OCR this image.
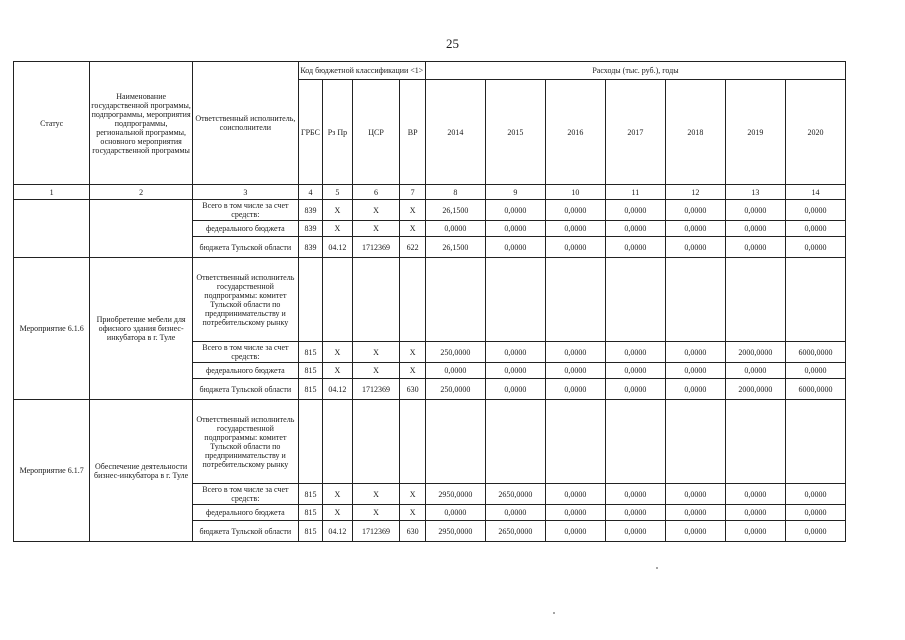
25
Статус	Наименование государственной программы, подпрограммы, мероприятия подпрограммы, региональной программы, основного мероприятия государственной программы	Ответственный исполнитель, соисполнители	Код бюджетной классификации <1>				Расходы (тыс. руб.), годы						
			ГРБС	Рз Пр	ЦСР	ВР	2014	2015	2016	2017	2018	2019	2020
1	2	3	4	5	6	7	8	9	10	11	12	13	14
		Всего в том числе за счет средств:	839	X	X	X	26,1500	0,0000	0,0000	0,0000	0,0000	0,0000	0,0000
		федерального бюджета	839	X	X	X	0,0000	0,0000	0,0000	0,0000	0,0000	0,0000	0,0000
		бюджета Тульской области	839	04.12	1712369	622	26,1500	0,0000	0,0000	0,0000	0,0000	0,0000	0,0000
Мероприятие 6.1.6	Приобретение мебели для офисного здания бизнес-инкубатора в г. Туле	Ответственный исполнитель государственной подпрограммы: комитет Тульской области по предпринимательству и потребительскому рынку											
		Всего в том числе за счет средств:	815	X	X	X	250,0000	0,0000	0,0000	0,0000	0,0000	2000,0000	6000,0000
		федерального бюджета	815	X	X	X	0,0000	0,0000	0,0000	0,0000	0,0000	0,0000	0,0000
		бюджета Тульской области	815	04.12	1712369	630	250,0000	0,0000	0,0000	0,0000	0,0000	2000,0000	6000,0000
Мероприятие 6.1.7	Обеспечение деятельности бизнес-инкубатора в г. Туле	Ответственный исполнитель государственной подпрограммы: комитет Тульской области по предпринимательству и потребительскому рынку											
		Всего в том числе за счет средств:	815	X	X	X	2950,0000	2650,0000	0,0000	0,0000	0,0000	0,0000	0,0000
		федерального бюджета	815	X	X	X	0,0000	0,0000	0,0000	0,0000	0,0000	0,0000	0,0000
		бюджета Тульской области	815	04.12	1712369	630	2950,0000	2650,0000	0,0000	0,0000	0,0000	0,0000	0,0000
